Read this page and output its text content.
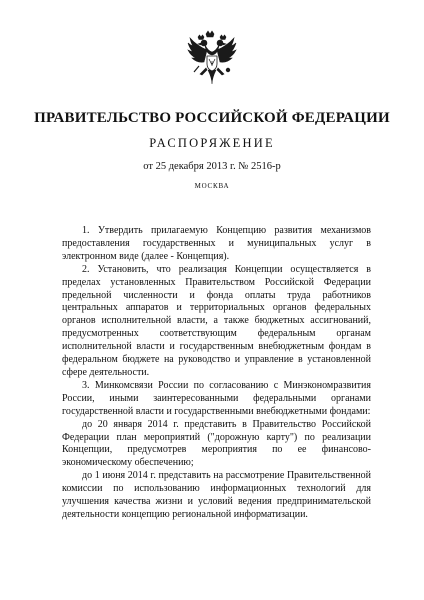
ПРАВИТЕЛЬСТВО РОССИЙСКОЙ ФЕДЕРАЦИИ
РАСПОРЯЖЕНИЕ
от 25 декабря 2013 г. № 2516-р
МОСКВА

1. Утвердить прилагаемую Концепцию развития механизмов предоставления государственных и муниципальных услуг в электронном виде (далее - Концепция).

2. Установить, что реализация Концепции осуществляется в пределах установленных Правительством Российской Федерации предельной численности и фонда оплаты труда работников центральных аппаратов и территориальных органов федеральных органов исполнительной власти, а также бюджетных ассигнований, предусмотренных соответствующим федеральным органам исполнительной власти и государственным внебюджетным фондам в федеральном бюджете на руководство и управление в установленной сфере деятельности.

3. Минкомсвязи России по согласованию с Минэкономразвития России, иными заинтересованными федеральными органами государственной власти и государственными внебюджетными фондами:

до 20 января 2014 г. представить в Правительство Российской Федерации план мероприятий ("дорожную карту") по реализации Концепции, предусмотрев мероприятия по ее финансово-экономическому обеспечению;

до 1 июня 2014 г. представить на рассмотрение Правительственной комиссии по использованию информационных технологий для улучшения качества жизни и условий ведения предпринимательской деятельности концепцию региональной информатизации.
